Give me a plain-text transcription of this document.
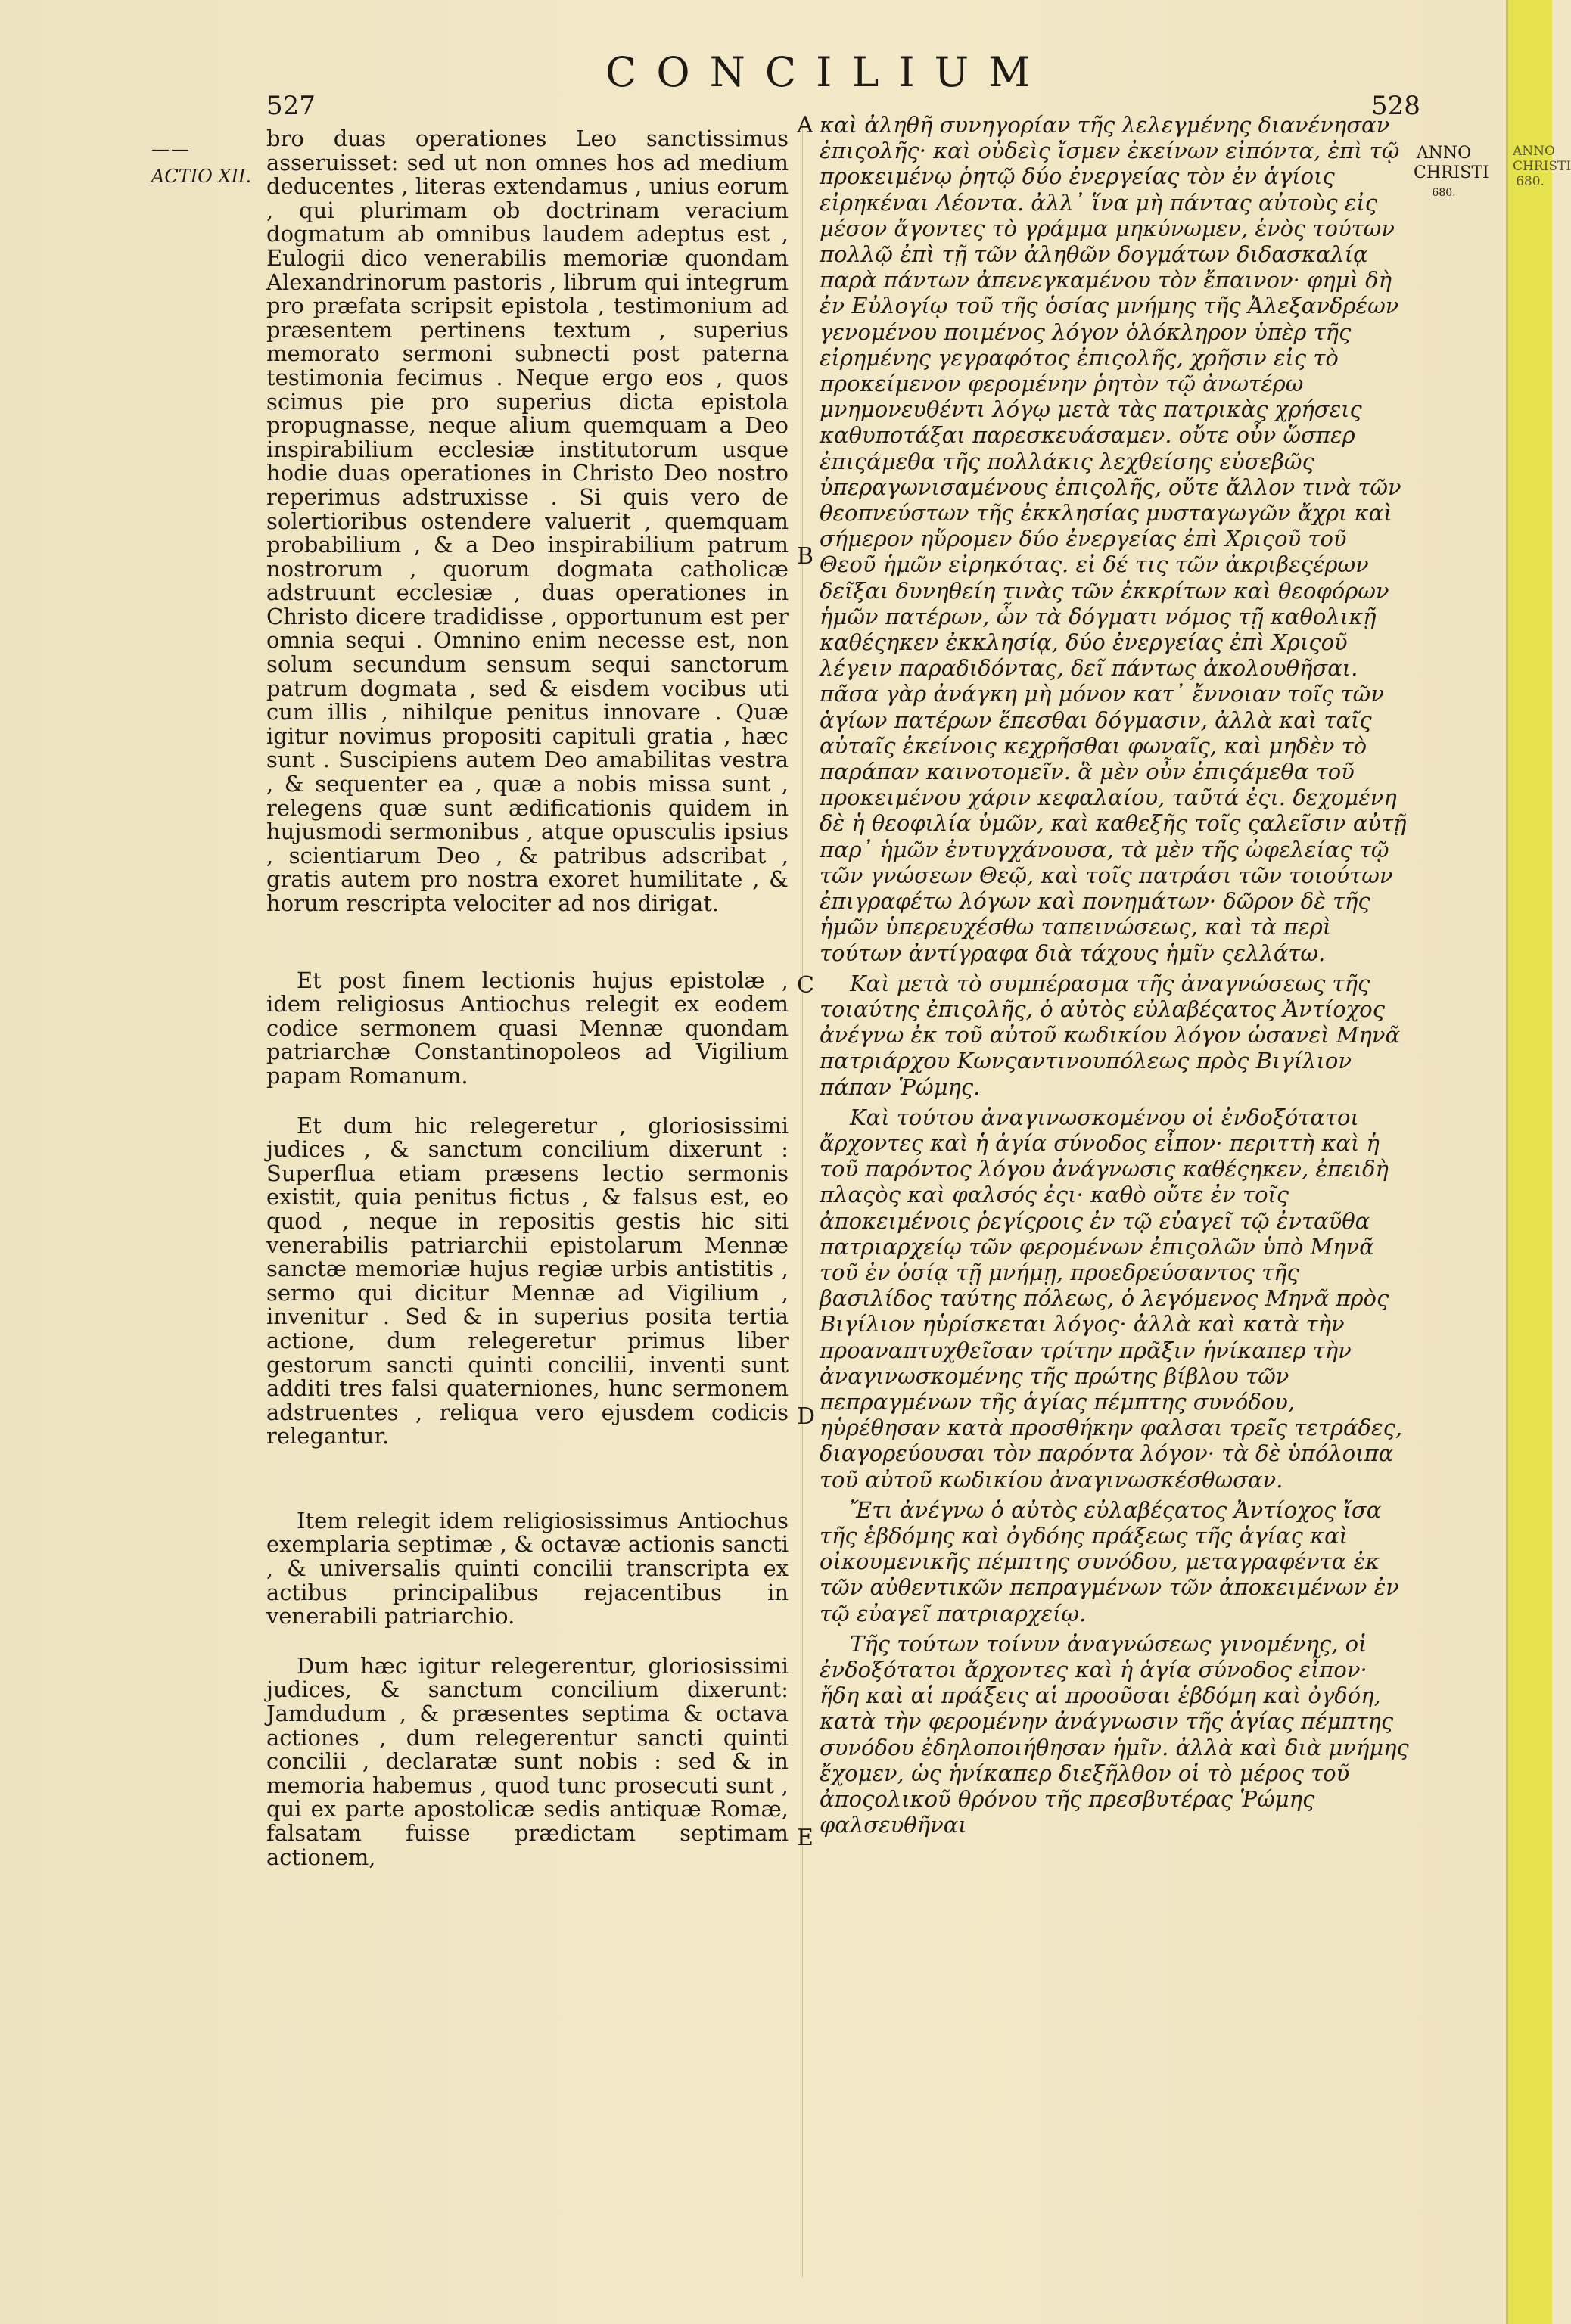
ANNO CHRISTI 680.
527
CONCILIUM
528
——
ACTIO XII.
ANNO
CHRISTI
680.
A
B
C
D
E

bro duas operationes Leo sanctissimus asseruisset: sed ut non omnes hos ad medium deducentes , literas extendamus , unius eorum , qui plurimam ob doctrinam veracium dogmatum ab omnibus laudem adeptus est , Eulogii dico venerabilis memoriæ quondam Alexandrinorum pastoris , librum qui integrum pro præfata scripsit epistola , testimonium ad præsentem pertinens textum , superius memorato sermoni subnecti post paterna testimonia fecimus . Neque ergo eos , quos scimus pie pro superius dicta epistola propugnasse, neque alium quemquam a Deo inspirabilium ecclesiæ institutorum usque hodie duas operationes in Christo Deo nostro reperimus adstruxisse . Si quis vero de solertioribus ostendere valuerit , quemquam probabilium , & a Deo inspirabilium patrum nostrorum , quorum dogmata catholicæ adstruunt ecclesiæ , duas operationes in Christo dicere tradidisse , opportunum est per omnia sequi . Omnino enim necesse est, non solum secundum sensum sequi sanctorum patrum dogmata , sed & eisdem vocibus uti cum illis , nihilque penitus innovare . Quæ igitur novimus propositi capituli gratia , hæc sunt . Suscipiens autem Deo amabilitas vestra , & sequenter ea , quæ a nobis missa sunt , relegens quæ sunt ædificationis quidem in hujusmodi sermonibus , atque opusculis ipsius , scientiarum Deo , & patribus adscribat , gratis autem pro nostra exoret humilitate , & horum rescripta velociter ad nos dirigat.

Et post finem lectionis hujus epistolæ , idem religiosus Antiochus relegit ex eodem codice sermonem quasi Mennæ quondam patriarchæ Constantinopoleos ad Vigilium papam Romanum.

Et dum hic relegeretur , gloriosissimi judices , & sanctum concilium dixerunt : Superflua etiam præsens lectio sermonis existit, quia penitus fictus , & falsus est, eo quod , neque in repositis gestis hic siti venerabilis patriarchii epistolarum Mennæ sanctæ memoriæ hujus regiæ urbis antistitis , sermo qui dicitur Mennæ ad Vigilium , invenitur . Sed & in superius posita tertia actione, dum relegeretur primus liber gestorum sancti quinti concilii, inventi sunt additi tres falsi quaterniones, hunc sermonem adstruentes , reliqua vero ejusdem codicis relegantur.

Item relegit idem religiosissimus Antiochus exemplaria septimæ , & octavæ actionis sancti , & universalis quinti concilii transcripta ex actibus principalibus rejacentibus in venerabili patriarchio.

Dum hæc igitur relegerentur, gloriosissimi judices, & sanctum concilium dixerunt: Jamdudum , & præsentes septima & octava actiones , dum relegerentur sancti quinti concilii , declaratæ sunt nobis : sed & in memoria habemus , quod tunc prosecuti sunt , qui ex parte apostolicæ sedis antiquæ Romæ, falsatam fuisse prædictam septimam actionem,

καὶ ἀληθῆ συνηγορίαν τῆς λελεγμένης διανένησαν ἐπιςολῆς· καὶ οὐδεὶς ἴσμεν ἐκείνων εἰπόντα, ἐπὶ τῷ προκειμένῳ ῥητῷ δύο ἐνεργείας τὸν ἐν ἁγίοις εἰρηκέναι Λέοντα. ἀλλ᾽ ἵνα μὴ πάντας αὐτοὺς εἰς μέσον ἄγοντες τὸ γράμμα μηκύνωμεν, ἑνὸς τούτων πολλῷ ἐπὶ τῇ τῶν ἀληθῶν δογμάτων διδασκαλίᾳ παρὰ πάντων ἀπενεγκαμένου τὸν ἔπαινον· φημὶ δὴ ἐν Εὐλογίῳ τοῦ τῆς ὁσίας μνήμης τῆς Ἀλεξανδρέων γενομένου ποιμένος λόγον ὁλόκληρον ὑπὲρ τῆς εἰρημένης γεγραφότος ἐπιςολῆς, χρῆσιν εἰς τὸ προκείμενον φερομένην ῥητὸν τῷ ἀνωτέρω μνημονευθέντι λόγῳ μετὰ τὰς πατρικὰς χρήσεις καθυποτάξαι παρεσκευάσαμεν. οὔτε οὖν ὥσπερ ἐπιςάμεθα τῆς πολλάκις λεχθείσης εὐσεβῶς ὑπεραγωνισαμένους ἐπιςολῆς, οὔτε ἄλλον τινὰ τῶν θεοπνεύστων τῆς ἐκκλησίας μυσταγωγῶν ἄχρι καὶ σήμερον ηὕρομεν δύο ἐνεργείας ἐπὶ Χριςοῦ τοῦ Θεοῦ ἡμῶν εἰρηκότας. εἰ δέ τις τῶν ἀκριβεςέρων δεῖξαι δυνηθείη τινὰς τῶν ἐκκρίτων καὶ θεοφόρων ἡμῶν πατέρων, ὧν τὰ δόγματι νόμος τῇ καθολικῇ καθέςηκεν ἐκκλησίᾳ, δύο ἐνεργείας ἐπὶ Χριςοῦ λέγειν παραδιδόντας, δεῖ πάντως ἀκολουθῆσαι. πᾶσα γὰρ ἀνάγκη μὴ μόνον κατ᾽ ἔννοιαν τοῖς τῶν ἁγίων πατέρων ἕπεσθαι δόγμασιν, ἀλλὰ καὶ ταῖς αὐταῖς ἐκείνοις κεχρῆσθαι φωναῖς, καὶ μηδὲν τὸ παράπαν καινοτομεῖν. ἃ μὲν οὖν ἐπιςάμεθα τοῦ προκειμένου χάριν κεφαλαίου, ταῦτά ἐςι. δεχομένη δὲ ἡ θεοφιλία ὑμῶν, καὶ καθεξῆς τοῖς ςαλεῖσιν αὐτῇ παρ᾽ ἡμῶν ἐντυγχάνουσα, τὰ μὲν τῆς ὠφελείας τῷ τῶν γνώσεων Θεῷ, καὶ τοῖς πατράσι τῶν τοιούτων ἐπιγραφέτω λόγων καὶ πονημάτων· δῶρον δὲ τῆς ἡμῶν ὑπερευχέσθω ταπεινώσεως, καὶ τὰ περὶ τούτων ἀντίγραφα διὰ τάχους ἡμῖν ςελλάτω.

Καὶ μετὰ τὸ συμπέρασμα τῆς ἀναγνώσεως τῆς τοιαύτης ἐπιςολῆς, ὁ αὐτὸς εὐλαβέςατος Ἀντίοχος ἀνέγνω ἐκ τοῦ αὐτοῦ κωδικίου λόγον ὡσανεὶ Μηνᾶ πατριάρχου Κωνςαντινουπόλεως πρὸς Βιγίλιον πάπαν Ῥώμης.

Καὶ τούτου ἀναγινωσκομένου οἱ ἐνδοξότατοι ἄρχοντες καὶ ἡ ἁγία σύνοδος εἶπον· περιττὴ καὶ ἡ τοῦ παρόντος λόγου ἀνάγνωσις καθέςηκεν, ἐπειδὴ πλαςὸς καὶ φαλσός ἐςι· καθὸ οὔτε ἐν τοῖς ἀποκειμένοις ῥεγίςροις ἐν τῷ εὐαγεῖ τῷ ἐνταῦθα πατριαρχείῳ τῶν φερομένων ἐπιςολῶν ὑπὸ Μηνᾶ τοῦ ἐν ὁσίᾳ τῇ μνήμῃ, προεδρεύσαντος τῆς βασιλίδος ταύτης πόλεως, ὁ λεγόμενος Μηνᾶ πρὸς Βιγίλιον ηὑρίσκεται λόγος· ἀλλὰ καὶ κατὰ τὴν προαναπτυχθεῖσαν τρίτην πρᾶξιν ἡνίκαπερ τὴν ἀναγινωσκομένης τῆς πρώτης βίβλου τῶν πεπραγμένων τῆς ἁγίας πέμπτης συνόδου, ηὑρέθησαν κατὰ προσθήκην φαλσαι τρεῖς τετράδες, διαγορεύουσαι τὸν παρόντα λόγον· τὰ δὲ ὑπόλοιπα τοῦ αὐτοῦ κωδικίου ἀναγινωσκέσθωσαν.

Ἔτι ἀνέγνω ὁ αὐτὸς εὐλαβέςατος Ἀντίοχος ἴσα τῆς ἑβδόμης καὶ ὀγδόης πράξεως τῆς ἁγίας καὶ οἰκουμενικῆς πέμπτης συνόδου, μεταγραφέντα ἐκ τῶν αὐθεντικῶν πεπραγμένων τῶν ἀποκειμένων ἐν τῷ εὐαγεῖ πατριαρχείῳ.

Τῆς τούτων τοίνυν ἀναγνώσεως γινομένης, οἱ ἐνδοξότατοι ἄρχοντες καὶ ἡ ἁγία σύνοδος εἶπον· ἤδη καὶ αἱ πράξεις αἱ προοῦσαι ἑβδόμη καὶ ὀγδόη, κατὰ τὴν φερομένην ἀνάγνωσιν τῆς ἁγίας πέμπτης συνόδου ἐδηλοποιήθησαν ἡμῖν. ἀλλὰ καὶ διὰ μνήμης ἔχομεν, ὡς ἡνίκαπερ διεξῆλθον οἱ τὸ μέρος τοῦ ἀποςολικοῦ θρόνου τῆς πρεσβυτέρας Ῥώμης φαλσευθῆναι
